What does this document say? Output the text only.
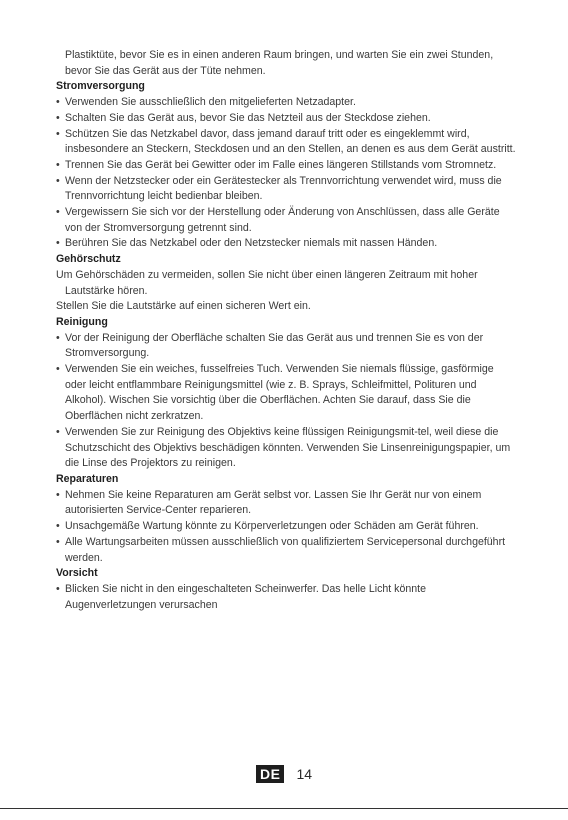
Plastiktüte, bevor Sie es in einen anderen Raum bringen, und warten Sie ein zwei Stunden, bevor Sie das Gerät aus der Tüte nehmen.

Stromversorgung

• Verwenden Sie ausschließlich den mitgelieferten Netzadapter.

• Schalten Sie das Gerät aus, bevor Sie das Netzteil aus der Steckdose ziehen.

• Schützen Sie das Netzkabel davor, dass jemand darauf tritt oder es eingeklemmt wird, insbesondere an Steckern, Steckdosen und an den Stellen, an denen es aus dem Gerät austritt.

• Trennen Sie das Gerät bei Gewitter oder im Falle eines längeren Stillstands vom Stromnetz.

• Wenn der Netzstecker oder ein Gerätestecker als Trennvorrichtung verwendet wird, muss die Trennvorrichtung leicht bedienbar bleiben.

• Vergewissern Sie sich vor der Herstellung oder Änderung von Anschlüssen, dass alle Geräte von der Stromversorgung getrennt sind.

• Berühren Sie das Netzkabel oder den Netzstecker niemals mit nassen Händen.

Gehörschutz

Um Gehörschäden zu vermeiden, sollen Sie nicht über einen längeren Zeitraum mit hoher Lautstärke hören.

Stellen Sie die Lautstärke auf einen sicheren Wert ein.

Reinigung

• Vor der Reinigung der Oberfläche schalten Sie das Gerät aus und trennen Sie es von der Stromversorgung.

• Verwenden Sie ein weiches, fusselfreies Tuch. Verwenden Sie niemals flüssige, gasförmige oder leicht entflammbare Reinigungsmittel (wie z. B. Sprays, Schleifmittel, Polituren und Alkohol). Wischen Sie vorsichtig über die Oberflächen. Achten Sie darauf, dass Sie die Oberflächen nicht zerkratzen.

• Verwenden Sie zur Reinigung des Objektivs keine flüssigen Reinigungsmit-tel, weil diese die Schutzschicht des Objektivs beschädigen könnten. Verwenden Sie Linsenreinigungspapier, um die Linse des Projektors zu reinigen.

Reparaturen

• Nehmen Sie keine Reparaturen am Gerät selbst vor. Lassen Sie Ihr Gerät nur von einem autorisierten Service-Center reparieren.

• Unsachgemäße Wartung könnte zu Körperverletzungen oder Schäden am Gerät führen.

• Alle Wartungsarbeiten müssen ausschließlich von qualifiziertem Servicepersonal durchgeführt werden.

Vorsicht

• Blicken Sie nicht in den eingeschalteten Scheinwerfer. Das helle Licht könnte Augenverletzungen verursachen

DE 14
